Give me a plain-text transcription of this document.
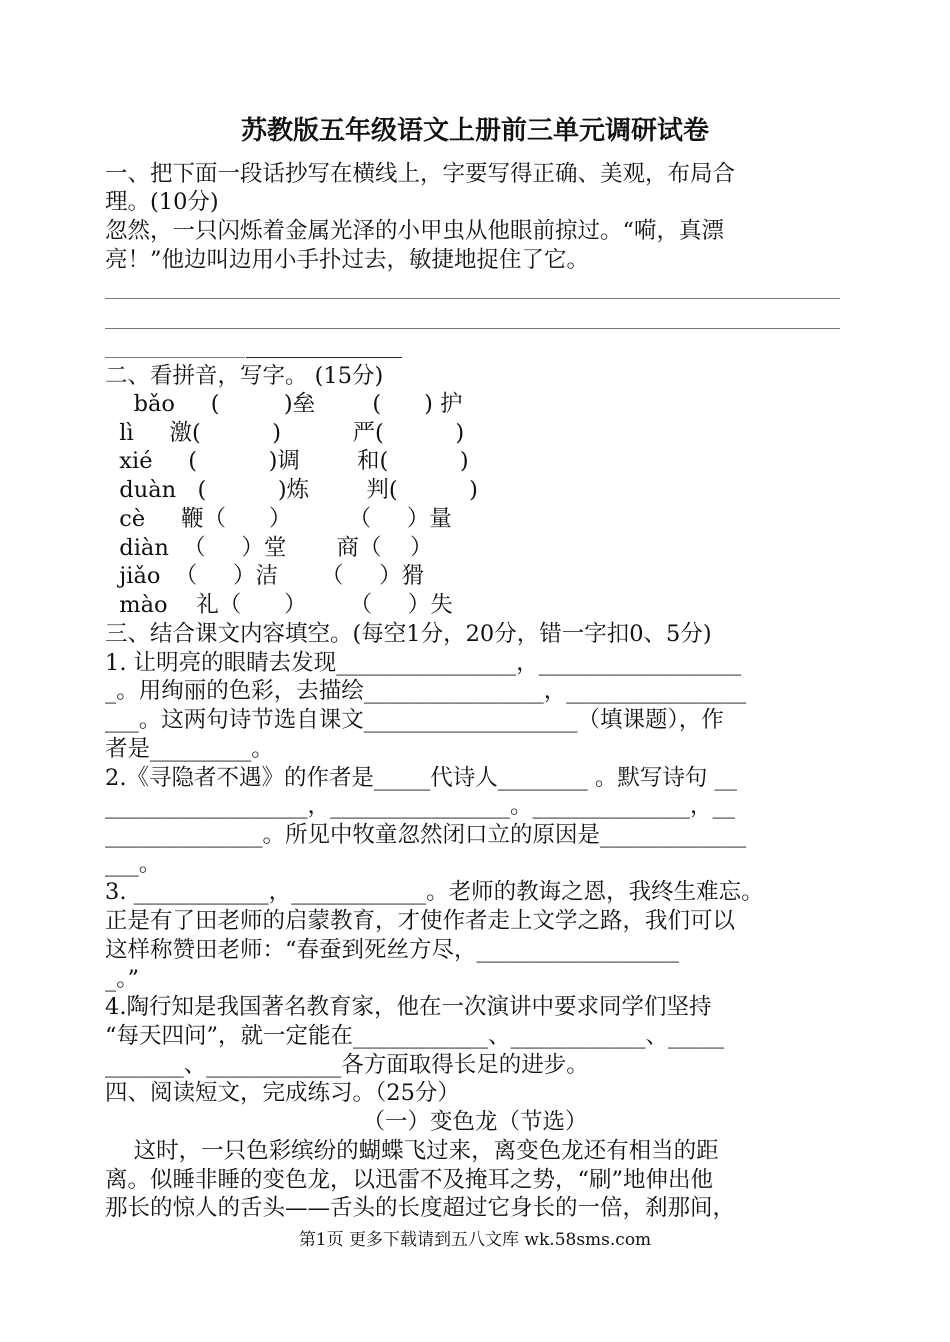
苏教版五年级语文上册前三单元调研试卷
一、把下面一段话抄写在横线上，字要写得正确、美观，布局合
理。(10分)
忽然，一只闪烁着金属光泽的小甲虫从他眼前掠过。“嗬，真漂
亮！”他边叫边用小手扑过去，敏捷地捉住了它。
二、看拼音，写字。 (15分)
bǎo     (         )垒        (      ) 护
lì     激(          )          严(          )
xié     (          )调        和(          )
duàn   (          )炼        判(          )
cè     鞭（      ）        （     ）量
diàn  （     ）堂       商（    ）
jiǎo  （     ）洁      （     ）猾
mào    礼（      ）      （     ）失
三、结合课文内容填空。(每空1分，20分，错一字扣0、5分)
1. 让明亮的眼睛去发现________________，__________________
_。用绚丽的色彩，去描绘________________，________________
___。这两句诗节选自课文___________________（填课题），作
者是_________。
2.《寻隐者不遇》的作者是_____代诗人________ 。默写诗句 __
__________________，________________。______________，__
______________。所见中牧童忽然闭口立的原因是_____________
___。
3. ____________，____________。老师的教诲之恩，我终生难忘。
正是有了田老师的启蒙教育，才使作者走上文学之路，我们可以
这样称赞田老师：“春蚕到死丝方尽，__________________
_。”
4.陶行知是我国著名教育家，他在一次演讲中要求同学们坚持
“每天四问”，就一定能在____________、____________、_____
_______、____________各方面取得长足的进步。
四、阅读短文，完成练习。（25分）
（一）变色龙（节选）
这时，一只色彩缤纷的蝴蝶飞过来，离变色龙还有相当的距
离。似睡非睡的变色龙，以迅雷不及掩耳之势，“刷”地伸出他
那长的惊人的舌头——舌头的长度超过它身长的一倍，刹那间，
第1页 更多下载请到五八文库 wk.58sms.com
